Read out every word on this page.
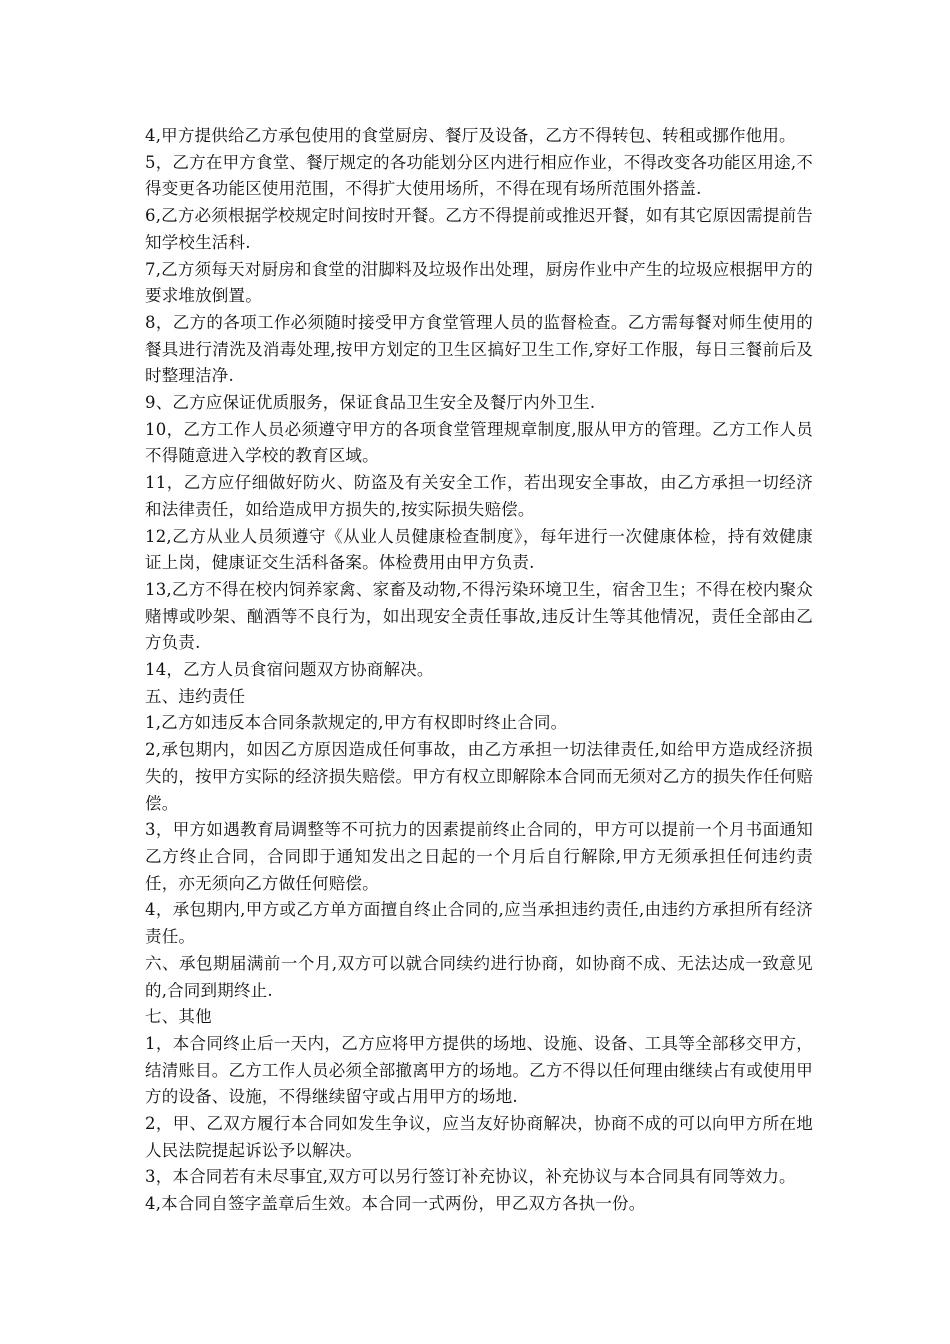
4,甲方提供给乙方承包使用的食堂厨房、餐厅及设备，乙方不得转包、转租或挪作他用。

5，乙方在甲方食堂、餐厅规定的各功能划分区内进行相应作业，不得改变各功能区用途,不得变更各功能区使用范围，不得扩大使用场所，不得在现有场所范围外搭盖.

6,乙方必须根据学校规定时间按时开餐。乙方不得提前或推迟开餐，如有其它原因需提前告知学校生活科.

7,乙方须每天对厨房和食堂的泔脚料及垃圾作出处理，厨房作业中产生的垃圾应根据甲方的要求堆放倒置。

8，乙方的各项工作必须随时接受甲方食堂管理人员的监督检查。乙方需每餐对师生使用的餐具进行清洗及消毒处理,按甲方划定的卫生区搞好卫生工作,穿好工作服，每日三餐前后及时整理洁净.

9、乙方应保证优质服务，保证食品卫生安全及餐厅内外卫生.

10，乙方工作人员必须遵守甲方的各项食堂管理规章制度,服从甲方的管理。乙方工作人员不得随意进入学校的教育区域。

11，乙方应仔细做好防火、防盗及有关安全工作，若出现安全事故，由乙方承担一切经济和法律责任，如给造成甲方损失的,按实际损失赔偿。

12,乙方从业人员须遵守《从业人员健康检查制度》，每年进行一次健康体检，持有效健康证上岗，健康证交生活科备案。体检费用由甲方负责.

13,乙方不得在校内饲养家禽、家畜及动物,不得污染环境卫生，宿舍卫生；不得在校内聚众赌博或吵架、酗酒等不良行为，如出现安全责任事故,违反计生等其他情况，责任全部由乙方负责.

14，乙方人员食宿问题双方协商解决。

五、违约责任

1,乙方如违反本合同条款规定的,甲方有权即时终止合同。

2,承包期内，如因乙方原因造成任何事故，由乙方承担一切法律责任,如给甲方造成经济损失的，按甲方实际的经济损失赔偿。甲方有权立即解除本合同而无须对乙方的损失作任何赔偿。

3，甲方如遇教育局调整等不可抗力的因素提前终止合同的，甲方可以提前一个月书面通知乙方终止合同，合同即于通知发出之日起的一个月后自行解除,甲方无须承担任何违约责任，亦无须向乙方做任何赔偿。

4，承包期内,甲方或乙方单方面擅自终止合同的,应当承担违约责任,由违约方承担所有经济责任。

六、承包期届满前一个月,双方可以就合同续约进行协商，如协商不成、无法达成一致意见的,合同到期终止.

七、其他

1，本合同终止后一天内，乙方应将甲方提供的场地、设施、设备、工具等全部移交甲方，结清账目。乙方工作人员必须全部撤离甲方的场地。乙方不得以任何理由继续占有或使用甲方的设备、设施，不得继续留守或占用甲方的场地.

2，甲、乙双方履行本合同如发生争议，应当友好协商解决，协商不成的可以向甲方所在地人民法院提起诉讼予以解决。

3，本合同若有未尽事宜,双方可以另行签订补充协议，补充协议与本合同具有同等效力。

4,本合同自签字盖章后生效。本合同一式两份，甲乙双方各执一份。
